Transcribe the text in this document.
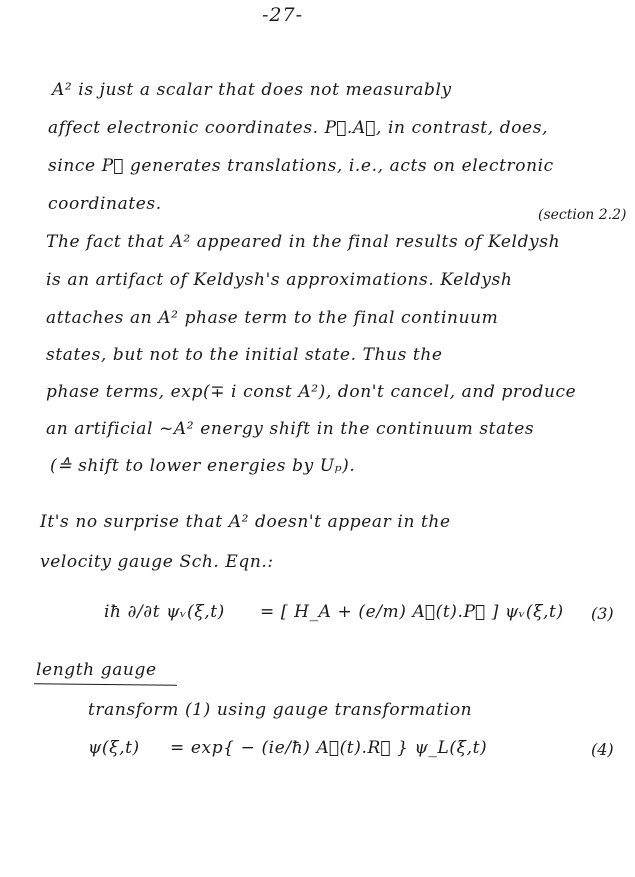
-27-
A² is just a scalar that does not measurably
affect electronic coordinates. P⃗.A⃗, in contrast, does,
since P⃗ generates translations, i.e., acts on electronic
coordinates.
(section 2.2)
The fact that A² appeared in the final results of Keldysh
is an artifact of Keldysh's approximations. Keldysh
attaches an A² phase term to the final continuum
states, but not to the initial state. Thus the
phase terms, exp(∓ i const A²), don't cancel, and produce
an artificial ~A² energy shift in the continuum states
(≙ shift to lower energies by Uₚ).
It's no surprise that A² doesn't appear in the
velocity gauge Sch. Eqn.:
iħ ∂/∂t ψᵥ(ξ,t) = [ H_A + (e/m) A⃗(t).P⃗ ] ψᵥ(ξ,t) (3)
length gauge
transform (1) using gauge transformation
ψ(ξ,t) = exp{ − (ie/ħ) A⃗(t).R⃗ } ψ_L(ξ,t)	(4)
